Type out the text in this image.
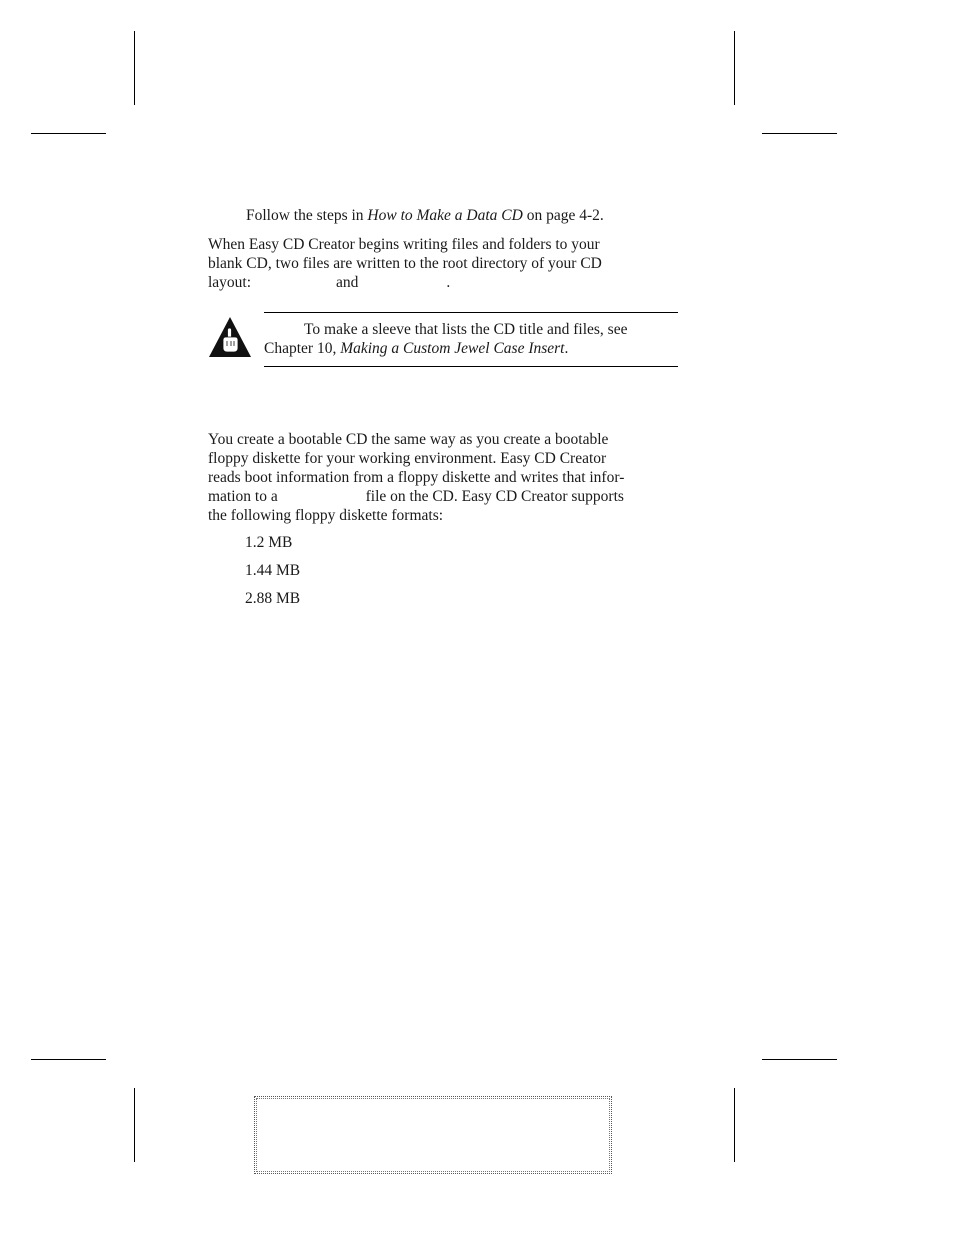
Follow the steps in How to Make a Data CD on page 4-2.
When Easy CD Creator begins writing files and folders to your
blank CD, two files are written to the root directory of your CD
layout:	and	.
To make a sleeve that lists the CD title and files, see
Chapter 10, Making a Custom Jewel Case Insert.
You create a bootable CD the same way as you create a bootable
floppy diskette for your working environment. Easy CD Creator
reads boot information from a floppy diskette and writes that infor-
mation to a	file on the CD. Easy CD Creator supports
the following floppy diskette formats:
1.2 MB
1.44 MB
2.88 MB
